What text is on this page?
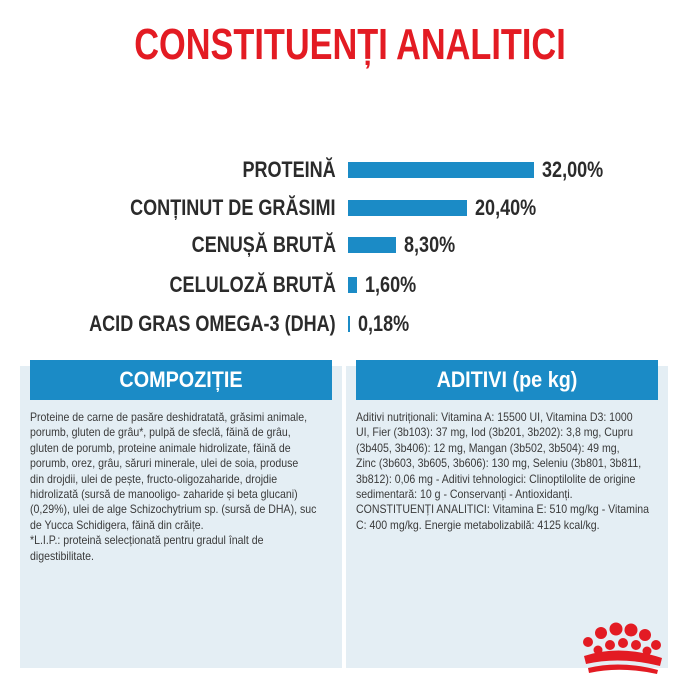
CONSTITUENȚI ANALITICI
PROTEINĂ	32,00%
CONȚINUT DE GRĂSIMI	20,40%
CENUȘĂ BRUTĂ	8,30%
CELULOZĂ BRUTĂ 1,60%
ACID GRAS OMEGA-3 (DHA) 0,18%
COMPOZIȚIE
Proteine de carne de pasăre deshidratată, grăsimi animale,
porumb, gluten de grâu*, pulpă de sfeclă, făină de grâu,
gluten de porumb, proteine animale hidrolizate, făină de
porumb, orez, grâu, săruri minerale, ulei de soia, produse
din drojdii, ulei de pește, fructo-oligozaharide, drojdie
hidrolizată (sursă de manooligo- zaharide și beta glucani)
(0,29%), ulei de alge Schizochytrium sp. (sursă de DHA), suc
de Yucca Schidigera, făină din crăițe.
*L.I.P.: proteină selecționată pentru gradul înalt de
digestibilitate.
ADITIVI (pe kg)
Aditivi nutriționali: Vitamina A: 15500 UI, Vitamina D3: 1000
UI, Fier (3b103): 37 mg, Iod (3b201, 3b202): 3,8 mg, Cupru
(3b405, 3b406): 12 mg, Mangan (3b502, 3b504): 49 mg,
Zinc (3b603, 3b605, 3b606): 130 mg, Seleniu (3b801, 3b811,
3b812): 0,06 mg - Aditivi tehnologici: Clinoptilolite de origine
sedimentară: 10 g - Conservanți - Antioxidanți.
CONSTITUENȚI ANALITICI: Vitamina E: 510 mg/kg - Vitamina
C: 400 mg/kg. Energie metabolizabilă: 4125 kcal/kg.
